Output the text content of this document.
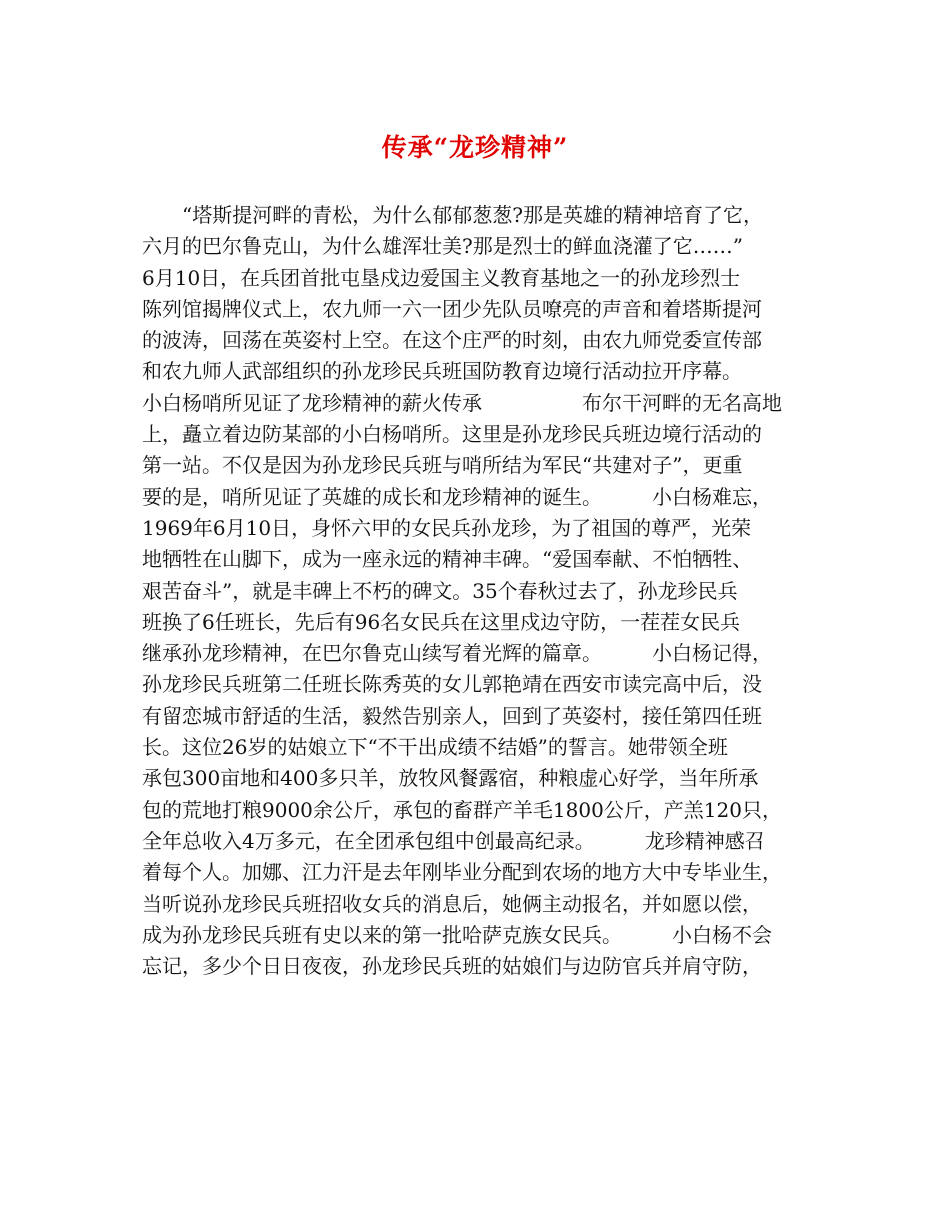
传承“龙珍精神”
　　“塔斯提河畔的青松，为什么郁郁葱葱?那是英雄的精神培育了它，
六月的巴尔鲁克山，为什么雄浑壮美?那是烈士的鲜血浇灌了它……”
6月10日，在兵团首批屯垦戍边爱国主义教育基地之一的孙龙珍烈士
陈列馆揭牌仪式上，农九师一六一团少先队员嘹亮的声音和着塔斯提河
的波涛，回荡在英姿村上空。在这个庄严的时刻，由农九师党委宣传部
和农九师人武部组织的孙龙珍民兵班国防教育边境行活动拉开序幕。
小白杨哨所见证了龙珍精神的薪火传承　　　　　布尔干河畔的无名高地
上，矗立着边防某部的小白杨哨所。这里是孙龙珍民兵班边境行活动的
第一站。不仅是因为孙龙珍民兵班与哨所结为军民“共建对子”，更重
要的是，哨所见证了英雄的成长和龙珍精神的诞生。　　　小白杨难忘，
1969年6月10日，身怀六甲的女民兵孙龙珍，为了祖国的尊严，光荣
地牺牲在山脚下，成为一座永远的精神丰碑。“爱国奉献、不怕牺牲、
艰苦奋斗”，就是丰碑上不朽的碑文。35个春秋过去了，孙龙珍民兵
班换了6任班长，先后有96名女民兵在这里戍边守防，一茬茬女民兵
继承孙龙珍精神，在巴尔鲁克山续写着光辉的篇章。　　　小白杨记得，
孙龙珍民兵班第二任班长陈秀英的女儿郭艳靖在西安市读完高中后，没
有留恋城市舒适的生活，毅然告别亲人，回到了英姿村，接任第四任班
长。这位26岁的姑娘立下“不干出成绩不结婚”的誓言。她带领全班
承包300亩地和400多只羊，放牧风餐露宿，种粮虚心好学，当年所承
包的荒地打粮9000余公斤，承包的畜群产羊毛1800公斤，产羔120只，
全年总收入4万多元，在全团承包组中创最高纪录。　　　龙珍精神感召
着每个人。加娜、江力汗是去年刚毕业分配到农场的地方大中专毕业生，
当听说孙龙珍民兵班招收女兵的消息后，她俩主动报名，并如愿以偿，
成为孙龙珍民兵班有史以来的第一批哈萨克族女民兵。　　　小白杨不会
忘记，多少个日日夜夜，孙龙珍民兵班的姑娘们与边防官兵并肩守防，
